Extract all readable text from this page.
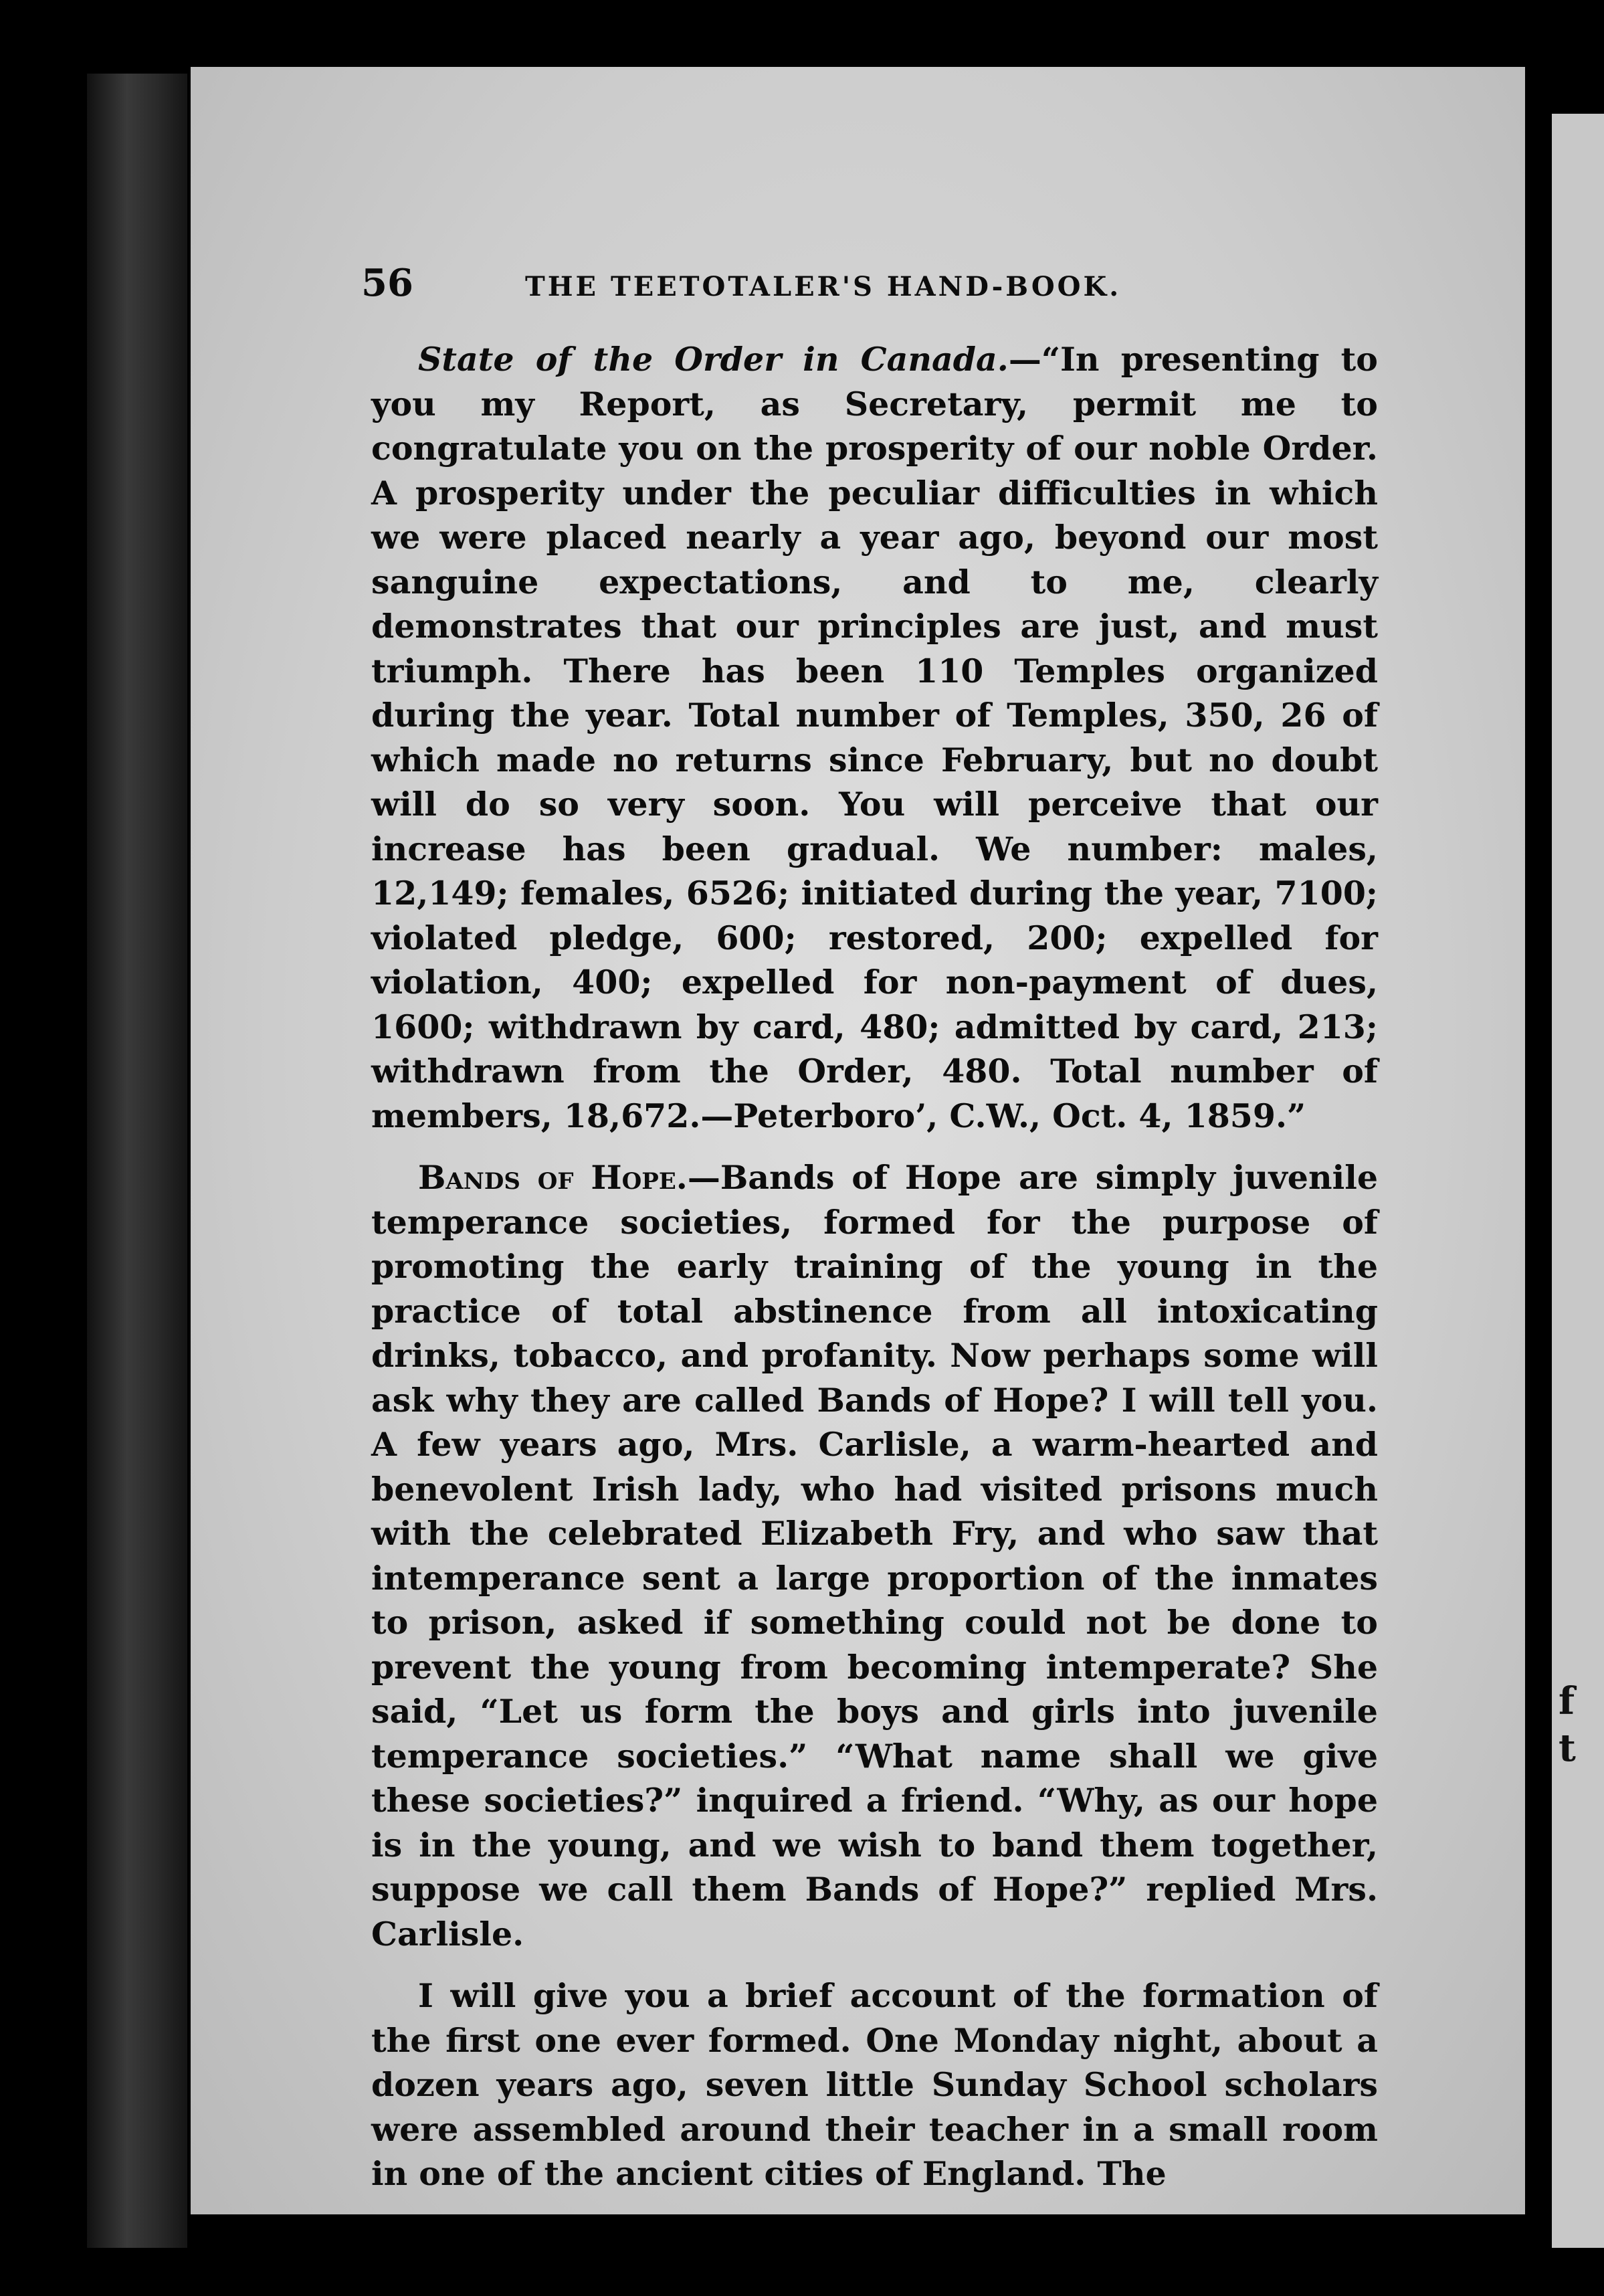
f
t
56	THE TEETOTALER'S HAND-BOOK.

State of the Order in Canada.—“In presenting to you my Report, as Secretary, permit me to congratulate you on the prosperity of our noble Order. A prosperity under the peculiar difficulties in which we were placed nearly a year ago, beyond our most sanguine expectations, and to me, clearly demonstrates that our principles are just, and must triumph. There has been 110 Temples organized during the year. Total number of Temples, 350, 26 of which made no returns since February, but no doubt will do so very soon. You will perceive that our increase has been gradual. We number: males, 12,149; females, 6526; initiated during the year, 7100; violated pledge, 600; restored, 200; expelled for violation, 400; expelled for non-payment of dues, 1600; withdrawn by card, 480; admitted by card, 213; withdrawn from the Order, 480. Total number of members, 18,672.—Peterboro’, C.W., Oct. 4, 1859.”

Bands of Hope.—Bands of Hope are simply juvenile temperance societies, formed for the purpose of promoting the early training of the young in the practice of total abstinence from all intoxicating drinks, tobacco, and profanity. Now perhaps some will ask why they are called Bands of Hope? I will tell you. A few years ago, Mrs. Carlisle, a warm-hearted and benevolent Irish lady, who had visited prisons much with the celebrated Elizabeth Fry, and who saw that intemperance sent a large proportion of the inmates to prison, asked if something could not be done to prevent the young from becoming intemperate? She said, “Let us form the boys and girls into juvenile temperance societies.” “What name shall we give these societies?” inquired a friend. “Why, as our hope is in the young, and we wish to band them together, suppose we call them Bands of Hope?” replied Mrs. Carlisle.

I will give you a brief account of the formation of the first one ever formed. One Monday night, about a dozen years ago, seven little Sunday School scholars were assembled around their teacher in a small room in one of the ancient cities of England. The
